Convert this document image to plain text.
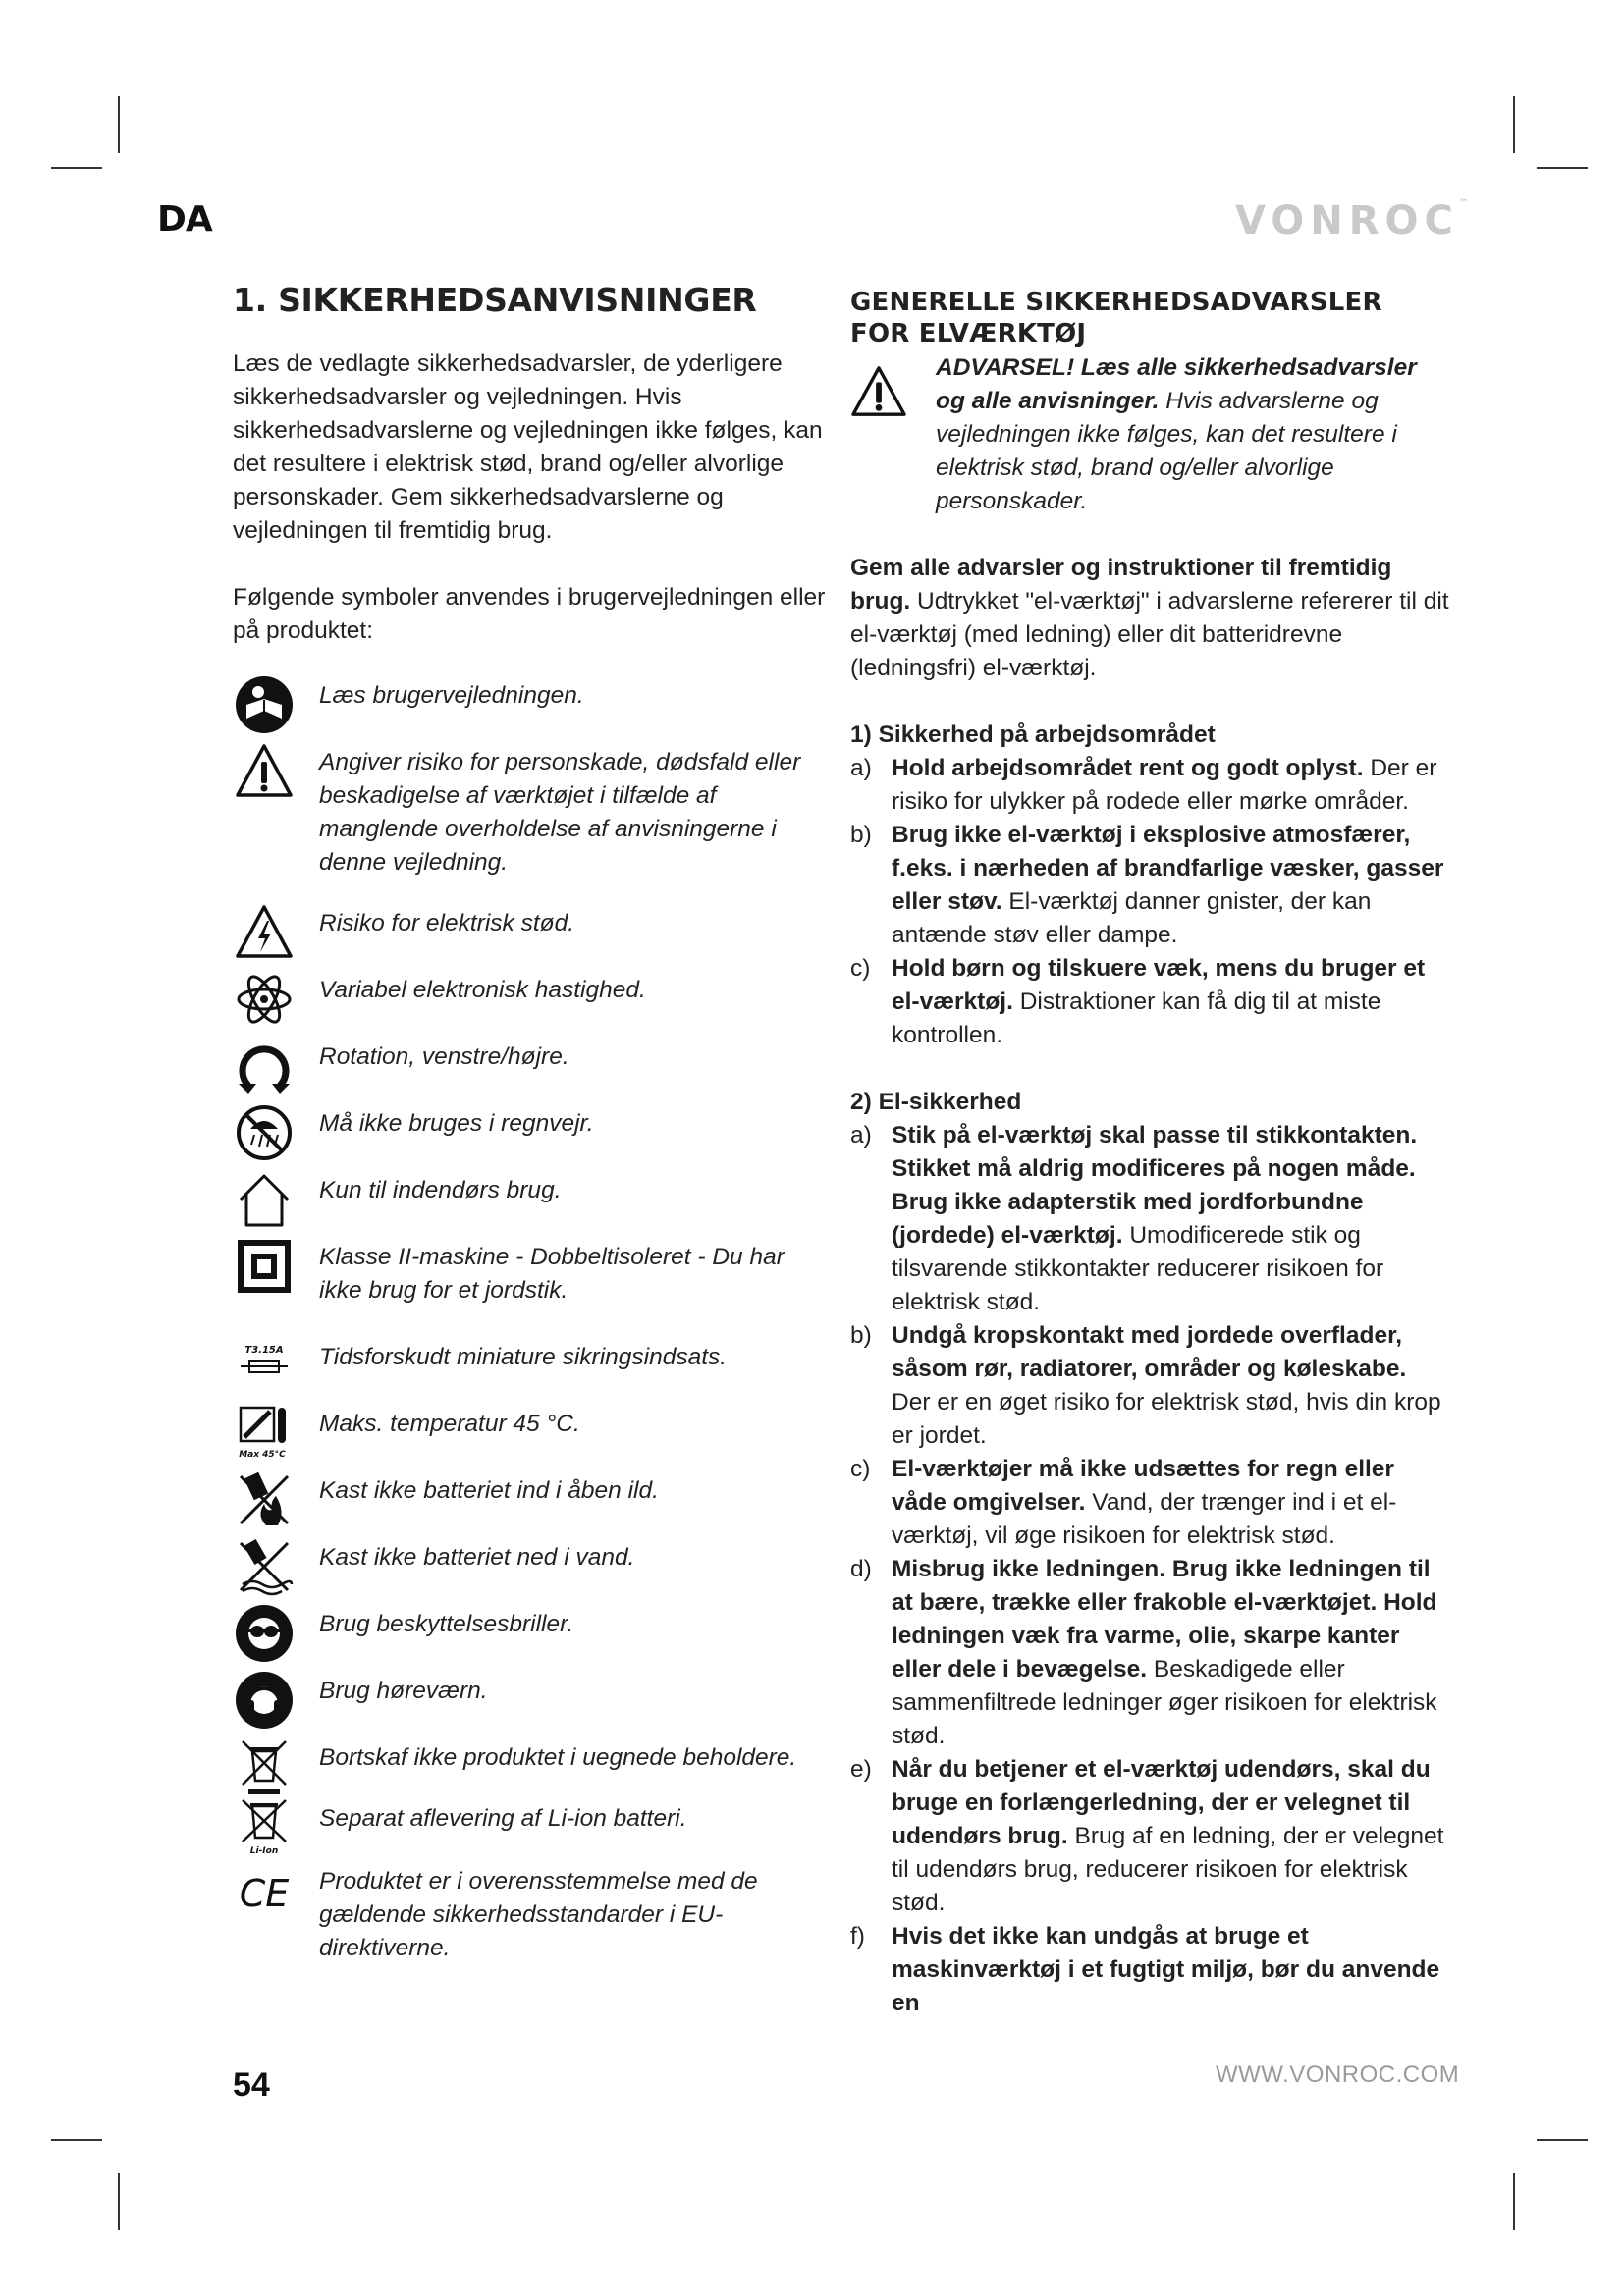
DA	VONROC™
1. SIKKERHEDSANVISNINGER

Læs de vedlagte sikkerhedsadvarsler, de yderligere sikkerhedsadvarsler og vejledningen. Hvis sikkerhedsadvarslerne og vejledningen ikke følges, kan det resultere i elektrisk stød, brand og/eller alvorlige personskader. Gem sikkerhedsadvarslerne og vejledningen til fremtidig brug.

Følgende symboler anvendes i brugervejledningen eller på produktet:

Læs brugervejledningen.
Angiver risiko for personskade, dødsfald eller beskadigelse af værktøjet i tilfælde af manglende overholdelse af anvisningerne i denne vejledning.
Risiko for elektrisk stød.
Variabel elektronisk hastighed.
Rotation, venstre/højre.
Må ikke bruges i regnvejr.
Kun til indendørs brug.
Klasse II-maskine - Dobbeltisoleret - Du har ikke brug for et jordstik.
T3.15A Tidsforskudt miniature sikringsindsats.
Max 45°C
Maks. temperatur 45 °C.
Kast ikke batteriet ind i åben ild.
Kast ikke batteriet ned i vand.
Brug beskyttelsesbriller.
Brug høreværn.
Bortskaf ikke produktet i uegnede beholdere.
Li-Ion
Separat aflevering af Li-ion batteri.
CE Produktet er i overensstemmelse med de gældende sikkerhedsstandarder i EU-direktiverne.
GENERELLE SIKKERHEDSADVARSLER FOR ELVÆRKTØJ
ADVARSEL! Læs alle sikkerhedsadvarsler og alle anvisninger. Hvis advarslerne og vejledningen ikke følges, kan det resultere i elektrisk stød, brand og/eller alvorlige personskader.

Gem alle advarsler og instruktioner til fremtidig brug. Udtrykket "el-værktøj" i advarslerne refererer til dit el-værktøj (med ledning) eller dit batteridrevne (ledningsfri) el-værktøj.

1) Sikkerhed på arbejdsområdet

a) Hold arbejdsområdet rent og godt oplyst. Der er risiko for ulykker på rodede eller mørke områder.
b) Brug ikke el-værktøj i eksplosive atmosfærer, f.eks. i nærheden af brandfarlige væsker, gasser eller støv. El-værktøj danner gnister, der kan antænde støv eller dampe.
c) Hold børn og tilskuere væk, mens du bruger et el-værktøj. Distraktioner kan få dig til at miste kontrollen.

2) El-sikkerhed

a) Stik på el-værktøj skal passe til stikkontakten. Stikket må aldrig modificeres på nogen måde. Brug ikke adapterstik med jordforbundne (jordede) el-værktøj. Umodificerede stik og tilsvarende stikkontakter reducerer risikoen for elektrisk stød.
b) Undgå kropskontakt med jordede overflader, såsom rør, radiatorer, områder og køleskabe. Der er en øget risiko for elektrisk stød, hvis din krop er jordet.
c) El-værktøjer må ikke udsættes for regn eller våde omgivelser. Vand, der trænger ind i et el-værktøj, vil øge risikoen for elektrisk stød.
d) Misbrug ikke ledningen. Brug ikke ledningen til at bære, trække eller frakoble el-værktøjet. Hold ledningen væk fra varme, olie, skarpe kanter eller dele i bevægelse. Beskadigede eller sammenfiltrede ledninger øger risikoen for elektrisk stød.
e) Når du betjener et el-værktøj udendørs, skal du bruge en forlængerledning, der er velegnet til udendørs brug. Brug af en ledning, der er velegnet til udendørs brug, reducerer risikoen for elektrisk stød.
f) Hvis det ikke kan undgås at bruge et maskinværktøj i et fugtigt miljø, bør du anvende en
54	WWW.VONROC.COM
